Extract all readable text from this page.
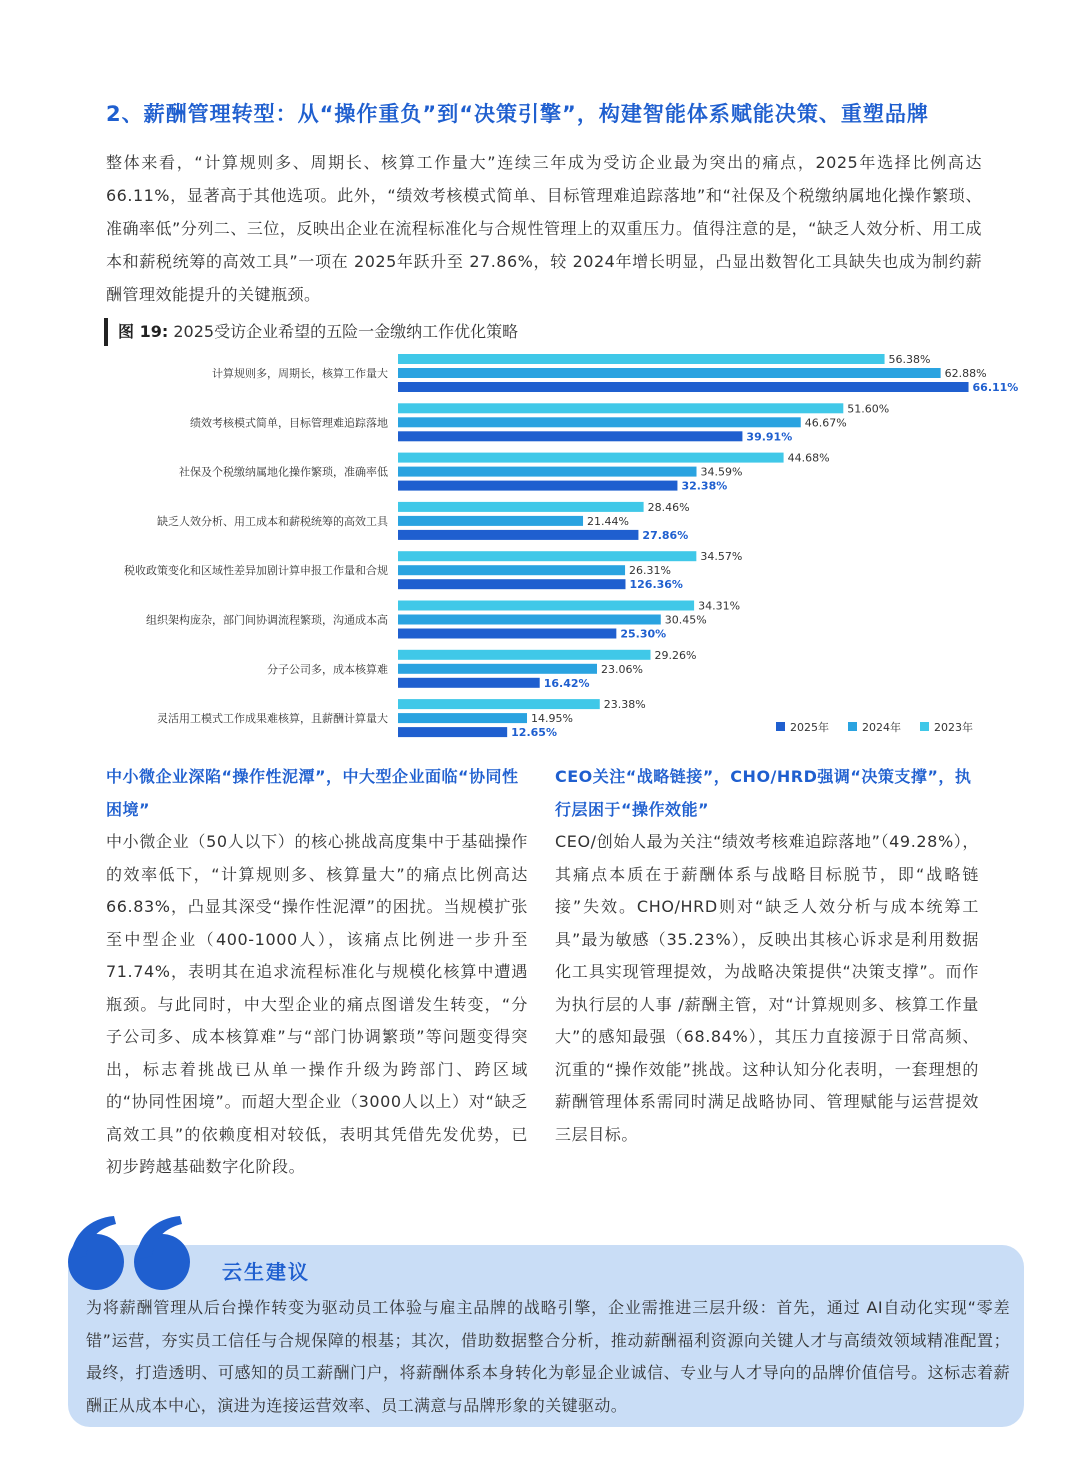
2、薪酬管理转型：从“操作重负”到“决策引擎”，构建智能体系赋能决策、重塑品牌
整体来看，“计算规则多、周期长、核算工作量大”连续三年成为受访企业最为突出的痛点，2025年选择比例高达 66.11%，显著高于其他选项。此外，“绩效考核模式简单、目标管理难追踪落地”和“社保及个税缴纳属地化操作繁琐、准确率低”分列二、三位，反映出企业在流程标准化与合规性管理上的双重压力。值得注意的是，“缺乏人效分析、用工成本和薪税统筹的高效工具”一项在 2025年跃升至 27.86%，较 2024年增长明显，凸显出数智化工具缺失也成为制约薪酬管理效能提升的关键瓶颈。
图 19: 2025受访企业希望的五险一金缴纳工作优化策略
计算规则多，周期长，核算工作量大
56.38%
62.88%
66.11%
绩效考核模式简单，目标管理难追踪落地
51.60%
46.67%
39.91%
社保及个税缴纳属地化操作繁琐，准确率低
44.68%
34.59%
32.38%
缺乏人效分析、用工成本和薪税统筹的高效工具
28.46%
21.44%
27.86%
税收政策变化和区域性差异加剧计算申报工作量和合规
34.57%
26.31%
126.36%
组织架构庞杂，部门间协调流程繁琐，沟通成本高
34.31%
30.45%
25.30%
分子公司多，成本核算难
29.26%
23.06%
16.42%
灵活用工模式工作成果难核算，且薪酬计算量大
23.38%
14.95%
12.65%	2025年	2024年	2023年
中小微企业深陷“操作性泥潭”，中大型企业面临“协同性困境”
中小微企业（50人以下）的核心挑战高度集中于基础操作的效率低下，“计算规则多、核算量大”的痛点比例高达 66.83%，凸显其深受“操作性泥潭”的困扰。当规模扩张至中型企业（400-1000人），该痛点比例进一步升至 71.74%，表明其在追求流程标准化与规模化核算中遭遇瓶颈。与此同时，中大型企业的痛点图谱发生转变，“分子公司多、成本核算难”与“部门协调繁琐”等问题变得突出，标志着挑战已从单一操作升级为跨部门、跨区域的“协同性困境”。而超大型企业（3000人以上）对“缺乏高效工具”的依赖度相对较低，表明其凭借先发优势，已初步跨越基础数字化阶段。
CEO关注“战略链接”，CHO/HRD强调“决策支撑”，执行层困于“操作效能”
CEO/创始人最为关注“绩效考核难追踪落地”（49.28%），其痛点本质在于薪酬体系与战略目标脱节，即“战略链接”失效。CHO/HRD则对“缺乏人效分析与成本统筹工具”最为敏感（35.23%），反映出其核心诉求是利用数据化工具实现管理提效，为战略决策提供“决策支撑”。而作为执行层的人事 /薪酬主管，对“计算规则多、核算工作量大”的感知最强（68.84%），其压力直接源于日常高频、沉重的“操作效能”挑战。这种认知分化表明，一套理想的薪酬管理体系需同时满足战略协同、管理赋能与运营提效三层目标。
云生建议
为将薪酬管理从后台操作转变为驱动员工体验与雇主品牌的战略引擎，企业需推进三层升级：首先，通过 AI自动化实现“零差错”运营，夯实员工信任与合规保障的根基；其次，借助数据整合分析，推动薪酬福利资源向关键人才与高绩效领域精准配置；最终，打造透明、可感知的员工薪酬门户，将薪酬体系本身转化为彰显企业诚信、专业与人才导向的品牌价值信号。这标志着薪酬正从成本中心，演进为连接运营效率、员工满意与品牌形象的关键驱动。
